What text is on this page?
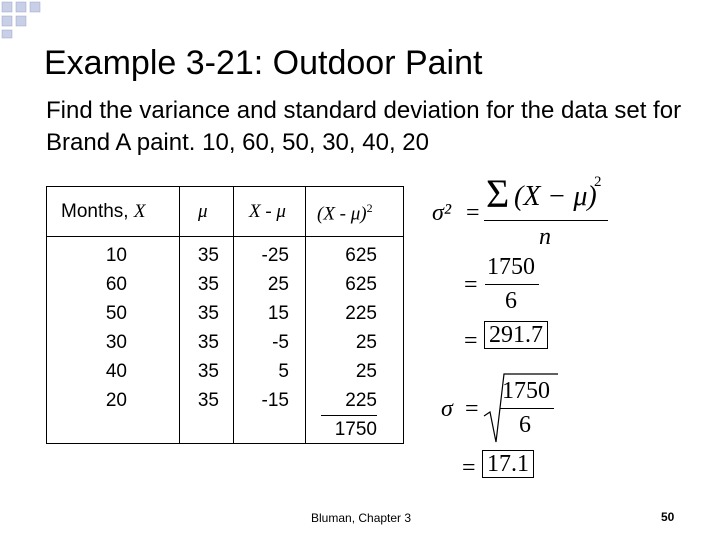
Example 3-21: Outdoor Paint
Find the variance and standard deviation for the data set for Brand A paint. 10, 60, 50, 30, 40, 20
Months, X	μ X - μ (X - μ)$^2$
10
60
50
30
40
20
35
35
35
35
35
35
-25
25
15
-5
5
-15
625
625
225
25
25
225
1750
σ² = Σ (X − μ)
2
n
=
1750
6
= 291.7
σ =
1750
6
= 17.1
Bluman, Chapter 3	50
